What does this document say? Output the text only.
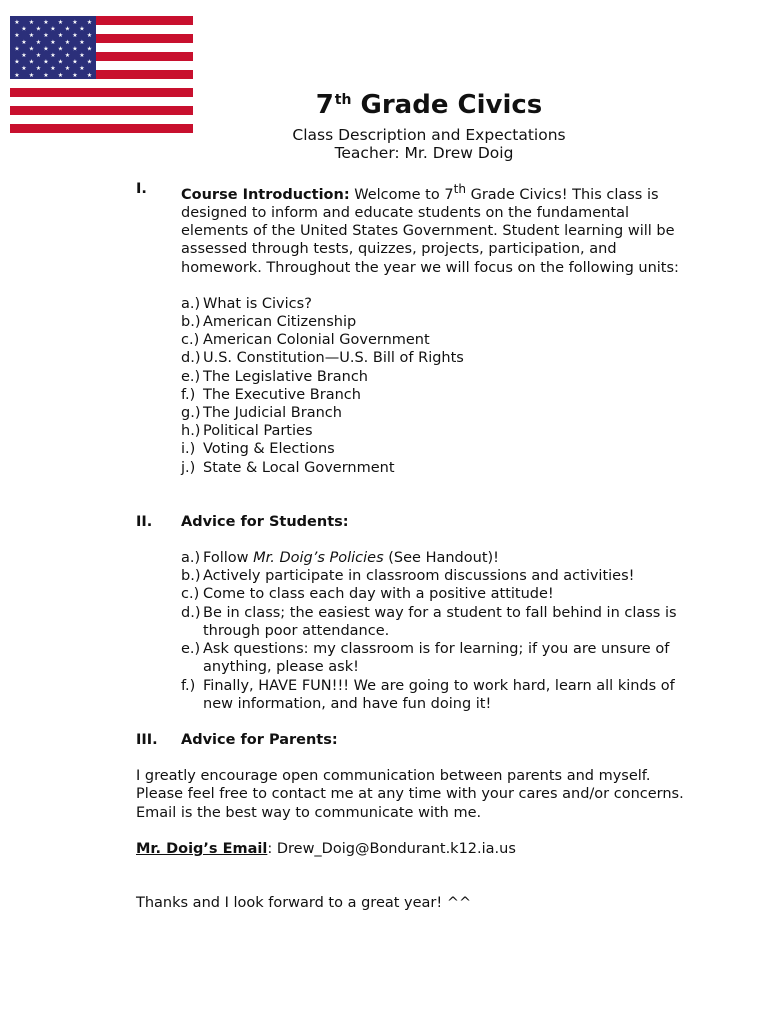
★ ★ ★ ★ ★ ★
★ ★ ★ ★ ★
★ ★ ★ ★ ★ ★
★ ★ ★ ★ ★
★ ★ ★ ★ ★ ★
★ ★ ★ ★ ★
★ ★ ★ ★ ★ ★
★ ★ ★ ★ ★
★ ★ ★ ★ ★ ★
7th Grade Civics
Class Description and Expectations
Teacher: Mr. Drew Doig
I. Course Introduction: Welcome to 7th Grade Civics! This class is designed to inform and educate students on the fundamental elements of the United States Government. Student learning will be assessed through tests, quizzes, projects, participation, and homework. Throughout the year we will focus on the following units:
a.) What is Civics?
b.) American Citizenship
c.) American Colonial Government
d.) U.S. Constitution—U.S. Bill of Rights
e.) The Legislative Branch
f.) The Executive Branch
g.) The Judicial Branch
h.) Political Parties
i.) Voting & Elections
j.) State & Local Government
II. Advice for Students:
a.) Follow Mr. Doig’s Policies (See Handout)!
b.) Actively participate in classroom discussions and activities!
c.) Come to class each day with a positive attitude!
d.) Be in class; the easiest way for a student to fall behind in class is through poor attendance.
e.) Ask questions: my classroom is for learning; if you are unsure of anything, please ask!
f.) Finally, HAVE FUN!!! We are going to work hard, learn all kinds of new information, and have fun doing it!
III. Advice for Parents:

I greatly encourage open communication between parents and myself. Please feel free to contact me at any time with your cares and/or concerns. Email is the best way to communicate with me.

Mr. Doig’s Email: Drew_Doig@Bondurant.k12.ia.us

Thanks and I look forward to a great year! ^^
